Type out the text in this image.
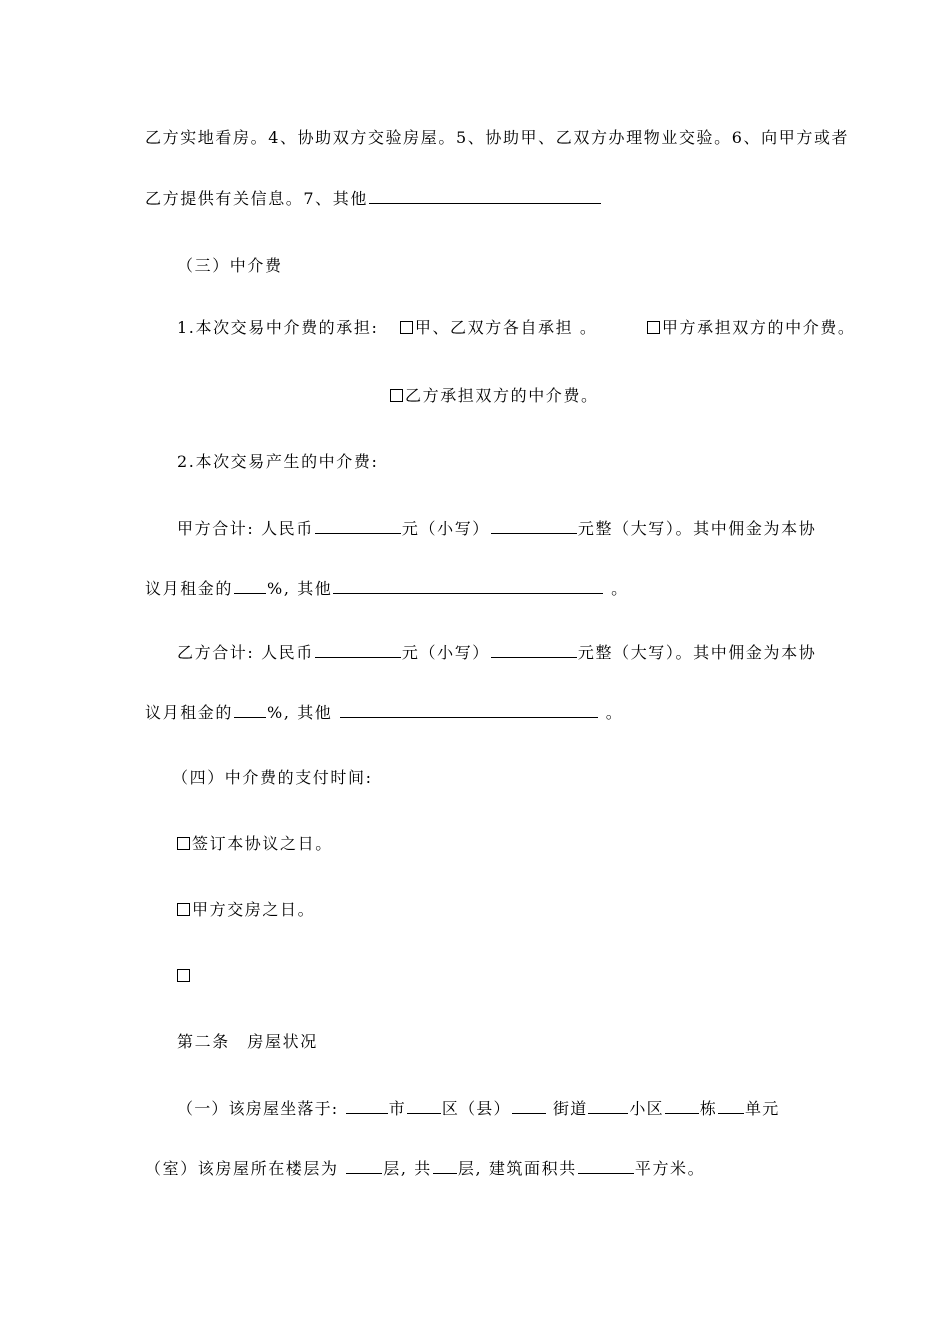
乙方实地看房。4、协助双方交验房屋。5、协助甲、乙双方办理物业交验。6、向甲方或者
乙方提供有关信息。7、其他
（三）中介费
1.本次交易中介费的承担: 甲、乙双方各自承担 。	甲方承担双方的中介费。
乙方承担双方的中介费。
2.本次交易产生的中介费:
甲方合计: 人民币	元（小写）	元整（大写）。其中佣金为本协
议月租金的 %, 其他	。
乙方合计: 人民币	元（小写）	元整（大写）。其中佣金为本协
议月租金的 %, 其他	。
（四）中介费的支付时间:
签订本协议之日。
甲方交房之日。
第二条　房屋状况
（一）该房屋坐落于:	市 区（县）	街道	小区 栋 单元
（室）该房屋所在楼层为	层, 共 层, 建筑面积共	平方米。
